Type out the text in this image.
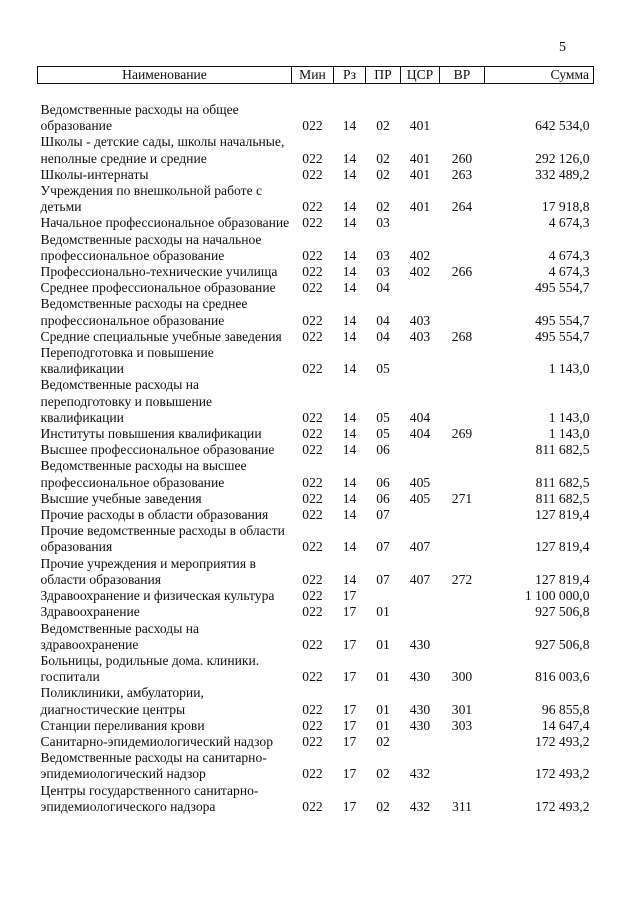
5
Наименование	Мин	Рз	ПР	ЦСР	ВР	Сумма

Ведомственные расходы на общее образование	022	14	02	401		642 534,0
Школы - детские сады, школы начальные, неполные средние и средние	022	14	02	401	260	292 126,0
Школы-интернаты	022	14	02	401	263	332 489,2
Учреждения по внешкольной работе с детьми	022	14	02	401	264	17 918,8
Начальное профессиональное образование	022	14	03			4 674,3
Ведомственные расходы на начальное профессиональное образование	022	14	03	402		4 674,3
Профессионально-технические училища	022	14	03	402	266	4 674,3
Среднее профессиональное образование	022	14	04			495 554,7
Ведомственные расходы на среднее профессиональное образование	022	14	04	403		495 554,7
Средние специальные учебные заведения	022	14	04	403	268	495 554,7
Переподготовка и повышение квалификации	022	14	05			1 143,0
Ведомственные расходы на переподготовку и повышение квалификации	022	14	05	404		1 143,0
Институты повышения квалификации	022	14	05	404	269	1 143,0
Высшее профессиональное образование	022	14	06			811 682,5
Ведомственные расходы на высшее профессиональное образование	022	14	06	405		811 682,5
Высшие учебные заведения	022	14	06	405	271	811 682,5
Прочие расходы в области образования	022	14	07			127 819,4
Прочие ведомственные расходы в области образования	022	14	07	407		127 819,4
Прочие учреждения и мероприятия в области образования	022	14	07	407	272	127 819,4
Здравоохранение и физическая культура	022	17				1 100 000,0
Здравоохранение	022	17	01			927 506,8
Ведомственные расходы на здравоохранение	022	17	01	430		927 506,8
Больницы, родильные дома. клиники. госпитали	022	17	01	430	300	816 003,6
Поликлиники, амбулатории, диагностические центры	022	17	01	430	301	96 855,8
Станции переливания крови	022	17	01	430	303	14 647,4
Санитарно-эпидемиологический надзор	022	17	02			172 493,2
Ведомственные расходы на санитарно-эпидемиологический надзор	022	17	02	432		172 493,2
Центры государственного санитарно-эпидемиологического надзора	022	17	02	432	311	172 493,2
